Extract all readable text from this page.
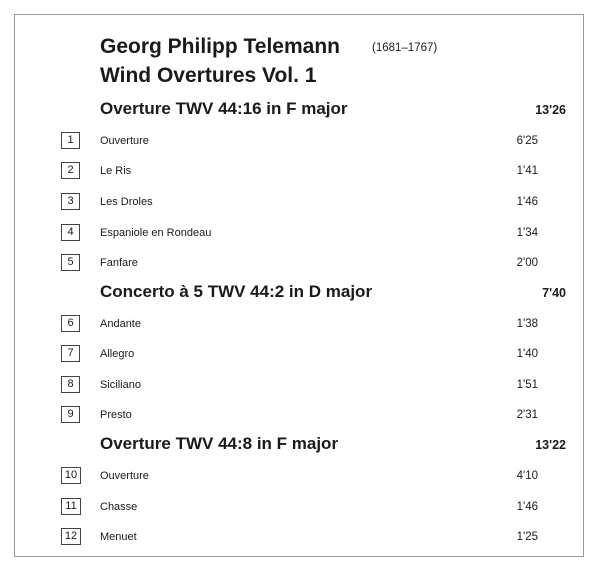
Georg Philipp Telemann	(1681–1767)
Wind Overtures Vol. 1
Overture TWV 44:16 in F major	13'26
1	Ouverture	6'25
2	Le Ris	1'41
3	Les Droles	1'46
4	Espaniole en Rondeau	1'34
5	Fanfare	2'00
Concerto à 5 TWV 44:2 in D major	7'40
6	Andante	1'38
7	Allegro	1'40
8	Siciliano	1'51
9	Presto	2'31
Overture TWV 44:8 in F major	13'22
10	Ouverture	4'10
11	Chasse	1'46
12	Menuet	1'25
